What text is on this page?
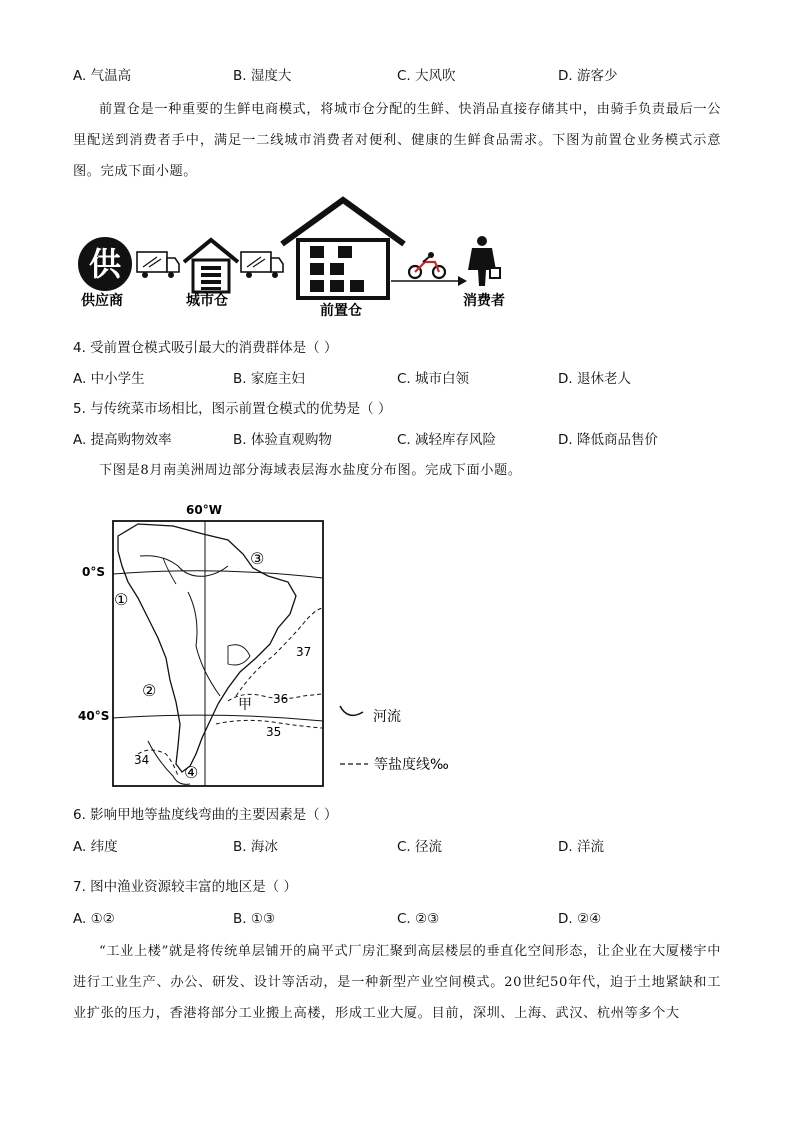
A. 气温高	B. 湿度大	C. 大风吹	D. 游客少
前置仓是一种重要的生鲜电商模式，将城市仓分配的生鲜、快消品直接存储其中，由骑手负责最后一公里配送到消费者手中，满足一二线城市消费者对便利、健康的生鲜食品需求。下图为前置仓业务模式示意图。完成下面小题。
供
供应商	城市仓
前置仓
消费者
4. 受前置仓模式吸引最大的消费群体是（ ）
A. 中小学生	B. 家庭主妇	C. 城市白领	D. 退休老人
5. 与传统菜市场相比，图示前置仓模式的优势是（ ）
A. 提高购物效率	B. 体验直观购物	C. 减轻库存风险	D. 降低商品售价
下图是8月南美洲周边部分海域表层海水盐度分布图。完成下面小题。
60°W
0°S
40°S
37
36
35
34
③
①
②
④
甲
河流
等盐度线‰
6. 影响甲地等盐度线弯曲的主要因素是（ ）
A. 纬度	B. 海冰	C. 径流	D. 洋流
7. 图中渔业资源较丰富的地区是（ ）
A. ①②	B. ①③	C. ②③	D. ②④
“工业上楼”就是将传统单层铺开的扁平式厂房汇聚到高层楼层的垂直化空间形态，让企业在大厦楼宇中进行工业生产、办公、研发、设计等活动，是一种新型产业空间模式。20世纪50年代，迫于土地紧缺和工业扩张的压力，香港将部分工业搬上高楼，形成工业大厦。目前，深圳、上海、武汉、杭州等多个大
